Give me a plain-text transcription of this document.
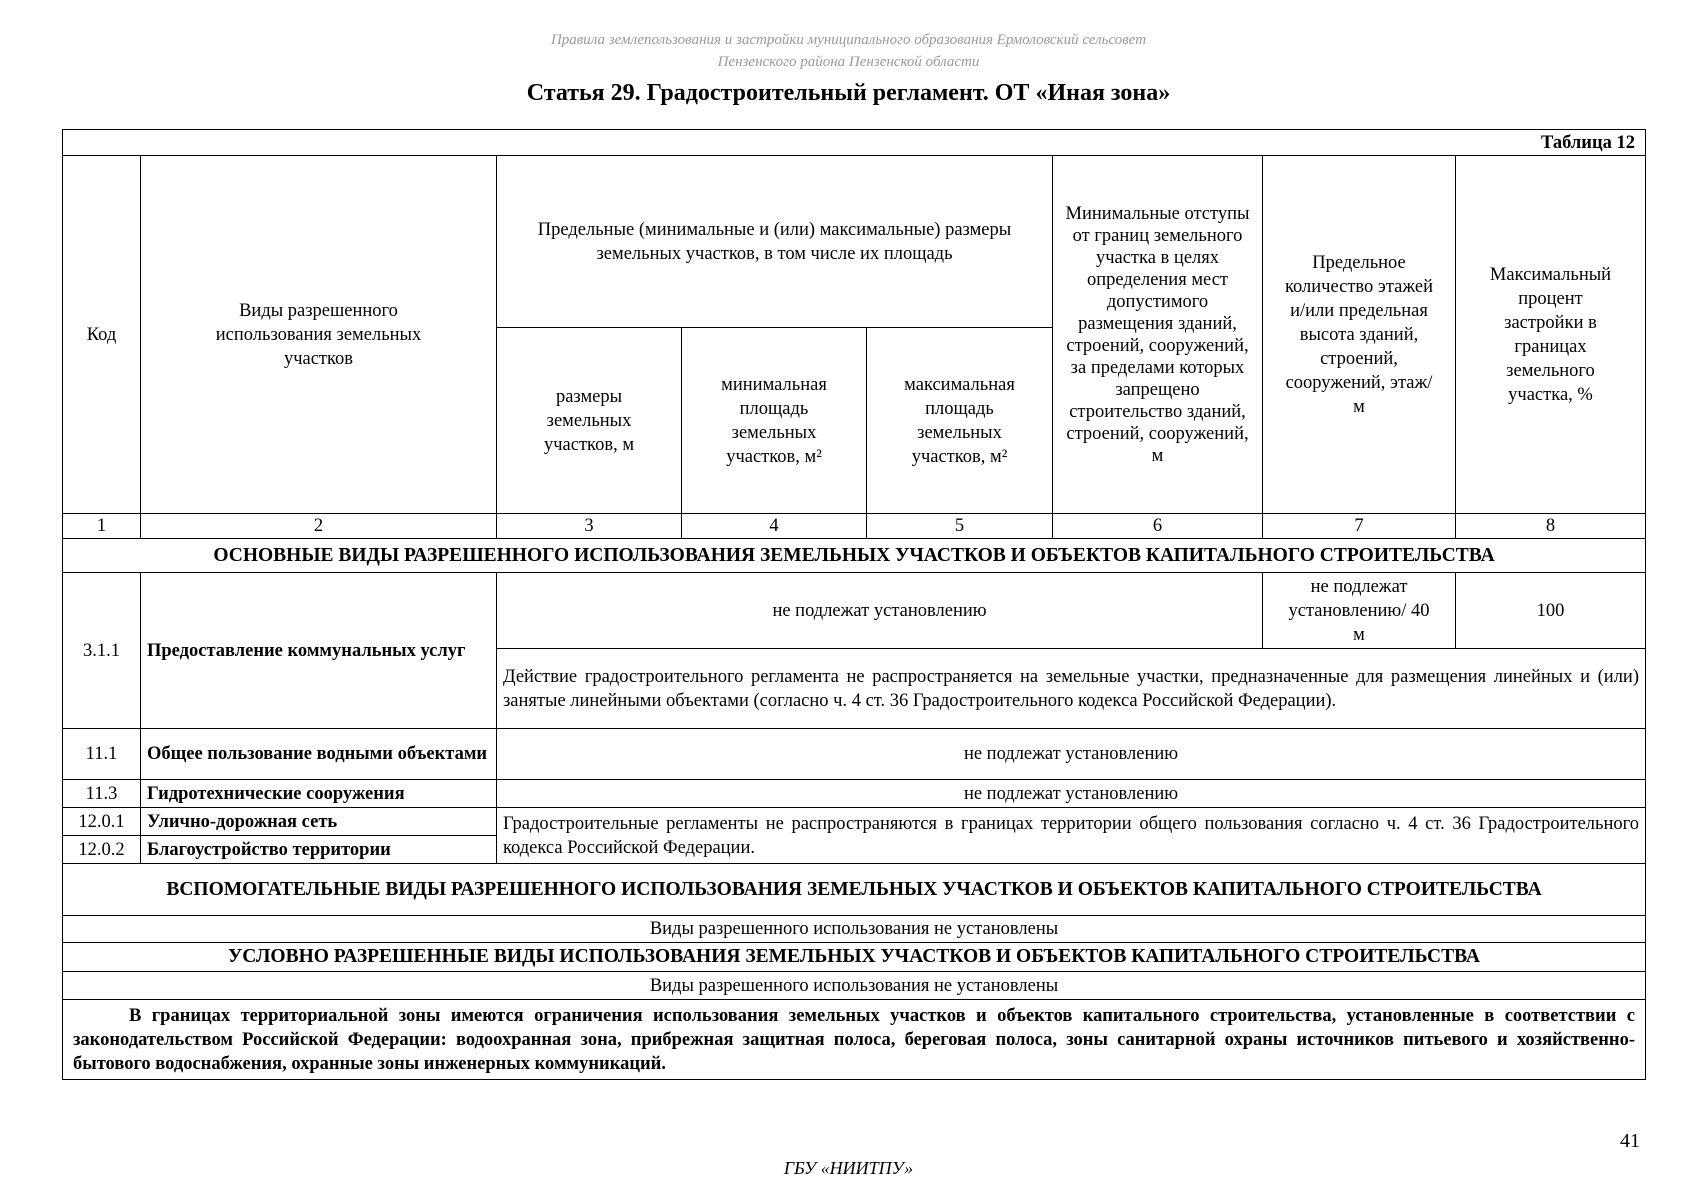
Правила землепользования и застройки муниципального образования Ермоловский сельсовет
Пензенского района Пензенской области
Статья 29. Градостроительный регламент. ОТ «Иная зона»
Таблица 12							
Код	Виды разрешенного использования земельных участков	Предельные (минимальные и (или) максимальные) размеры земельных участков, в том числе их площадь			Минимальные отступы от границ земельного участка в целях определения мест допустимого размещения зданий, строений, сооружений, за пределами которых запрещено строительство зданий, строений, сооружений, м	Предельное количество этажей и/или предельная высота зданий, строений, сооружений, этаж/м	Максимальный процент застройки в границах земельного участка, %
		размеры земельных участков, м	минимальная площадь земельных участков, м²	максимальная площадь земельных участков, м²			
1	2	3	4	5	6	7	8
ОСНОВНЫЕ ВИДЫ РАЗРЕШЕННОГО ИСПОЛЬЗОВАНИЯ ЗЕМЕЛЬНЫХ УЧАСТКОВ И ОБЪЕКТОВ КАПИТАЛЬНОГО СТРОИТЕЛЬСТВА							
3.1.1	Предоставление коммунальных услуг	не подлежат установлению				не подлежат установлению/ 40 м	100
		Действие градостроительного регламента не распространяется на земельные участки, предназначенные для размещения линейных и (или) занятые линейными объектами (согласно ч. 4 ст. 36 Градостроительного кодекса Российской Федерации).					
11.1	Общее пользование водными объектами	не подлежат установлению					
11.3	Гидротехнические сооружения	не подлежат установлению					
12.0.1	Улично-дорожная сеть	Градостроительные регламенты не распространяются в границах территории общего пользования согласно ч. 4 ст. 36 Градостроительного кодекса Российской Федерации.					
12.0.2	Благоустройство территории						
ВСПОМОГАТЕЛЬНЫЕ ВИДЫ РАЗРЕШЕННОГО ИСПОЛЬЗОВАНИЯ ЗЕМЕЛЬНЫХ УЧАСТКОВ И ОБЪЕКТОВ КАПИТАЛЬНОГО СТРОИТЕЛЬСТВА							
Виды разрешенного использования не установлены							
УСЛОВНО РАЗРЕШЕННЫЕ ВИДЫ ИСПОЛЬЗОВАНИЯ ЗЕМЕЛЬНЫХ УЧАСТКОВ И ОБЪЕКТОВ КАПИТАЛЬНОГО СТРОИТЕЛЬСТВА							
Виды разрешенного использования не установлены							
В границах территориальной зоны имеются ограничения использования земельных участков и объектов капитального строительства, установленные в соответствии с законодательством Российской Федерации: водоохранная зона, прибрежная защитная полоса, береговая полоса, зоны санитарной охраны источников питьевого и хозяйственно-бытового водоснабжения, охранные зоны инженерных коммуникаций.							
41
ГБУ «НИИТПУ»
